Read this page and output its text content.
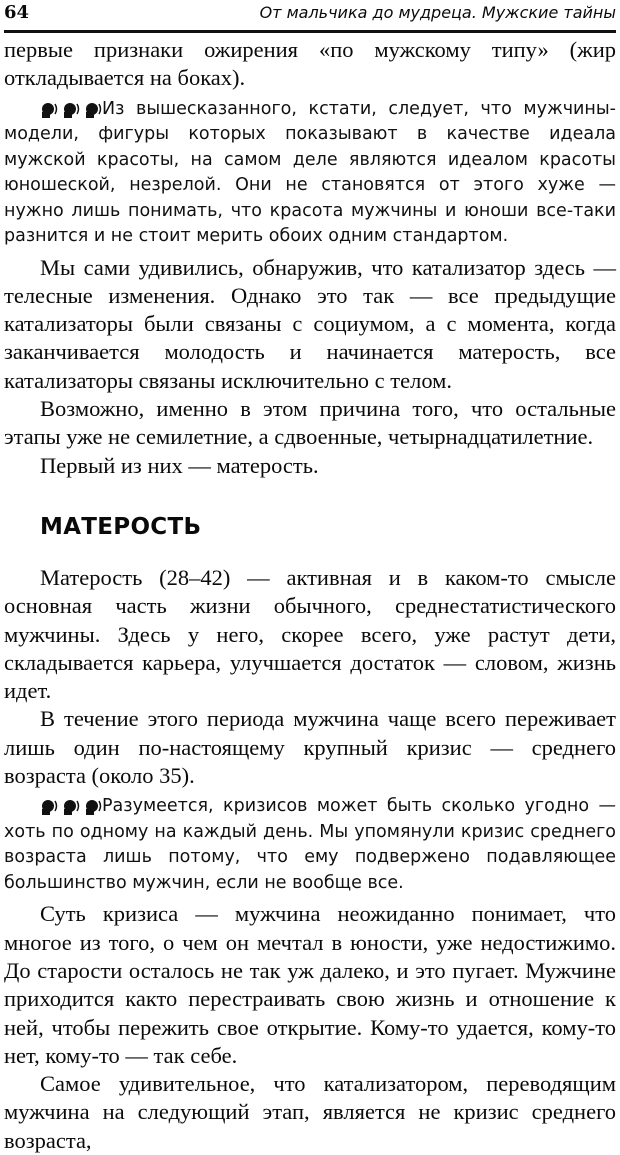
64	От мальчика до мудреца. Мужские тайны

первые признаки ожирения «по мужскому типу» (жир откладывается на боках).

Из вышесказанного, кстати, следует, что мужчины-модели, фигуры которых показывают в качестве идеала мужской красоты, на самом деле являются идеалом красоты юношеской, незрелой. Они не становятся от этого хуже — нужно лишь понимать, что красота мужчины и юноши все-таки разнится и не стоит мерить обоих одним стандартом.

Мы сами удивились, обнаружив, что катализатор здесь — телесные изменения. Однако это так — все предыдущие катализаторы были связаны с социумом, а с момента, когда заканчивается молодость и начинается матерость, все катализаторы связаны исключительно с телом.

Возможно, именно в этом причина того, что остальные этапы уже не семилетние, а сдвоенные, четырнадцатилетние.

Первый из них — матерость.

МАТЕРОСТЬ

Матерость (28–42) — активная и в каком-то смысле основная часть жизни обычного, среднестатистического мужчины. Здесь у него, скорее всего, уже растут дети, складывается карьера, улучшается достаток — словом, жизнь идет.

В течение этого периода мужчина чаще всего переживает лишь один по-настоящему крупный кризис — среднего возраста (около 35).

Разумеется, кризисов может быть сколько угодно — хоть по одному на каждый день. Мы упомянули кризис среднего возраста лишь потому, что ему подвержено подавляющее большинство мужчин, если не вообще все.

Суть кризиса — мужчина неожиданно понимает, что многое из того, о чем он мечтал в юности, уже недостижимо. До старости осталось не так уж далеко, и это пугает. Мужчине приходится както перестраивать свою жизнь и отношение к ней, чтобы пережить свое открытие. Кому-то удается, кому-то нет, кому-то — так себе.

Самое удивительное, что катализатором, переводящим мужчина на следующий этап, является не кризис среднего возраста,
